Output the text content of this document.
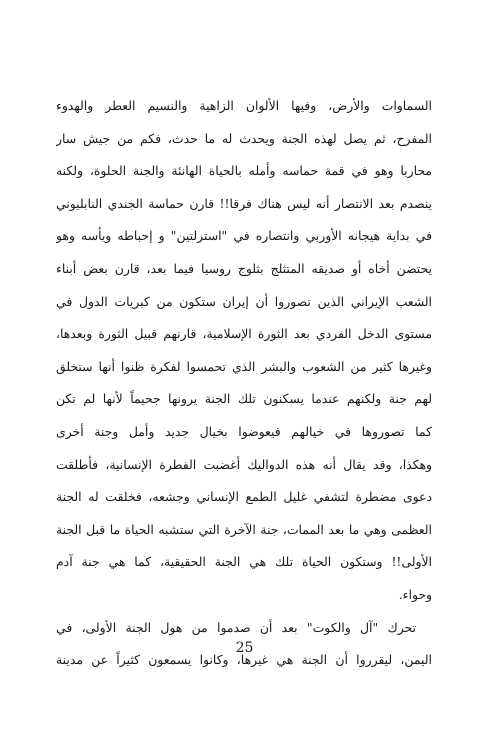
السماوات والأرض، وفيها الألوان الزاهية والنسيم العطر والهدوء
المفرح، ثم يصل لهذه الجنة ويحدث له ما حدث، فكم من جيش سار
محاربا وهو في قمة حماسه وأمله بالحياة الهانئة والجنة الحلوة، ولكنه
ينصدم بعد الانتصار أنه ليس هناك فرقا!! قارن حماسة الجندي النابليوني
في بداية هيجانه الأوربي وانتصاره في "استرلتين" و إحباطه ويأسه وهو
يحتضن أخاه أو صديقه المتثلج بثلوج روسيا فيما بعد، قارن بعض أبناء
الشعب الإيراني الذين تصوروا أن إيران ستكون من كبريات الدول في
مستوى الدخل الفردي بعد الثورة الإسلامية، قارنهم قبيل الثورة وبعدها،
وغيرها كثير من الشعوب والبشر الذي تحمسوا لفكرة ظنوا أنها ستخلق
لهم جنة ولكنهم عندما يسكنون تلك الجنة يرونها جحيماً لأنها لم تكن
كما تصوروها في خيالهم فيعوضوا بخيال جديد وأمل وجنة أخرى
وهكذا، وقد يقال أنه هذه الدواليك أغضبت الفطرة الإنسانية، فأطلقت
دعوى مضطرة لتشفي غليل الطمع الإنساني وجشعه، فخلقت له الجنة
العظمى وهي ما بعد الممات، جنة الآخرة التي ستشبه الحياة ما قبل الجنة
الأولى!! وستكون الحياة تلك هي الجنة الحقيقية، كما هي جنة آدم
وحواء.
تحرك "آل والكوت" بعد أن صدموا من هول الجنة الأولى، في
اليمن، ليقرروا أن الجنة هي غيرها، وكانوا يسمعون كثيراً عن مدينة
25
